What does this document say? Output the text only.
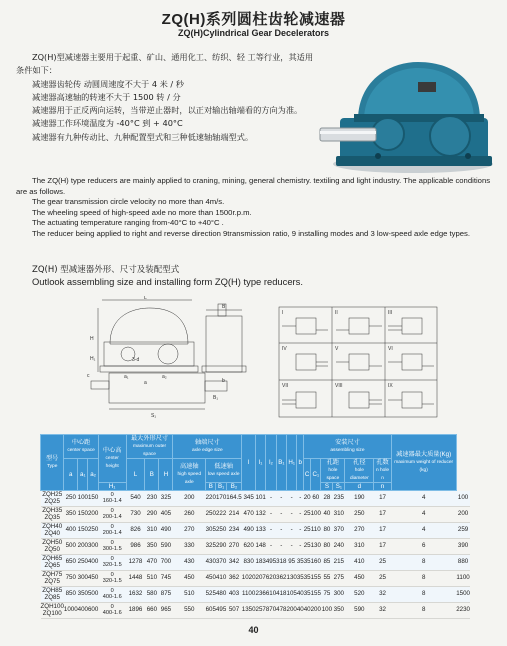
ZQ(H)系列圆柱齿轮减速器
ZQ(H)Cylindrical Gear Decelerators

ZQ(H)型减速器主要用于起重、矿山、通用化工、纺织、轻 工等行业，其适用条件如下：

减速器齿轮传 动圆周速度不大于 4 米 / 秒

减速器高速轴的转速不大于 1500 转 / 分

减速器用于正反两向运转，当带逆止器时，以正对输出轴端看的方向为准。

减速器工作环境温度为 -40°C 到 + 40°C

减速器有九种传动比、九种配置型式和三种低速轴轴端型式。

The ZQ(H) type reducers are mainly applied to craning, mining, general chemistry. textiling and light industry. The applicable conditions are as follows.

The gear transmission circle velocity no more than 4m/s.

The wheeling speed of high-speed axle no more than 1500r.p.m.

The actuating temperature ranging from-40°C to +40°C .

The reducer being applied to right and reverse direction 9transmission ratio, 9 installing modes and 3 low-speed axle edge types.

ZQ(H) 型减速器外形、尺寸及装配型式
Outlook assembling size and installing form ZQ(H) type reducers.
L
H
H₁
a₁	a₂
a
3-d
B
b
S₁
c
B₁
I	II	III
IV	V	VI
VII	VIII	IX
型号
Type	中心距
center space			中心高
center height	最大外形尺寸
maximum outer space			轴端尺寸
axle edge size				l	l₁	l₂	B₁	H₁	b	安装尺寸
assembling size						减速器最大质量(Kg)
maximum weight of reducer (kg)	
	a	a₁	a₂		L	B	H	高速轴
high speed axle	低速轴
low speed axle									C	C₁	孔距
hole space		孔径
hole diameter	孔数
n hole n		
				H₁					B	B₁	B₂									S	S₁	d	n		

ZQH25
ZQ25	250	100	150	0
160-1.4	540	230	325	200	220	170	164.5	345	101	-	-	-	-	20	60	28	235	190	17	4	100

ZQH35
ZQ35	350	150	200	0
200-1.4	730	290	405	260	250	222	214	470	132	-	-	-	-	25	100	40	310	250	17	4	200

ZQH40
ZQ40	400	150	250	0
200-1.4	826	310	490	270	305	250	234	490	133	-	-	-	-	25	110	80	370	270	17	4	259

ZQH50
ZQ50	500	200	300	0
300-1.5	986	350	590	330	325	290	270	620	148	-	-	-	-	25	130	80	240	310	17	6	390

ZQH65
ZQ65	650	250	400	0
320-1.5	1278	470	700	430	430	370	342	830	183	495	318	95	35	35	160	85	215	410	25	8	880

ZQH75
ZQ75	750	300	450	0
320-1.5	1448	510	745	450	450	410	362	1020	207	620	362	130	35	35	155	55	275	450	25	8	1100

ZQH85
ZQ85	850	350	500	0
400-1.6	1632	580	875	510	525	480	403	1100	236	610	418	105	40	35	155	75	300	520	32	8	1500

ZQH100
ZQ100	1000	400	600	0
400-1.6	1896	660	965	550	605	495	507	1350	257	870	478	200	40	40	200	100	350	590	32	8	2230
40
